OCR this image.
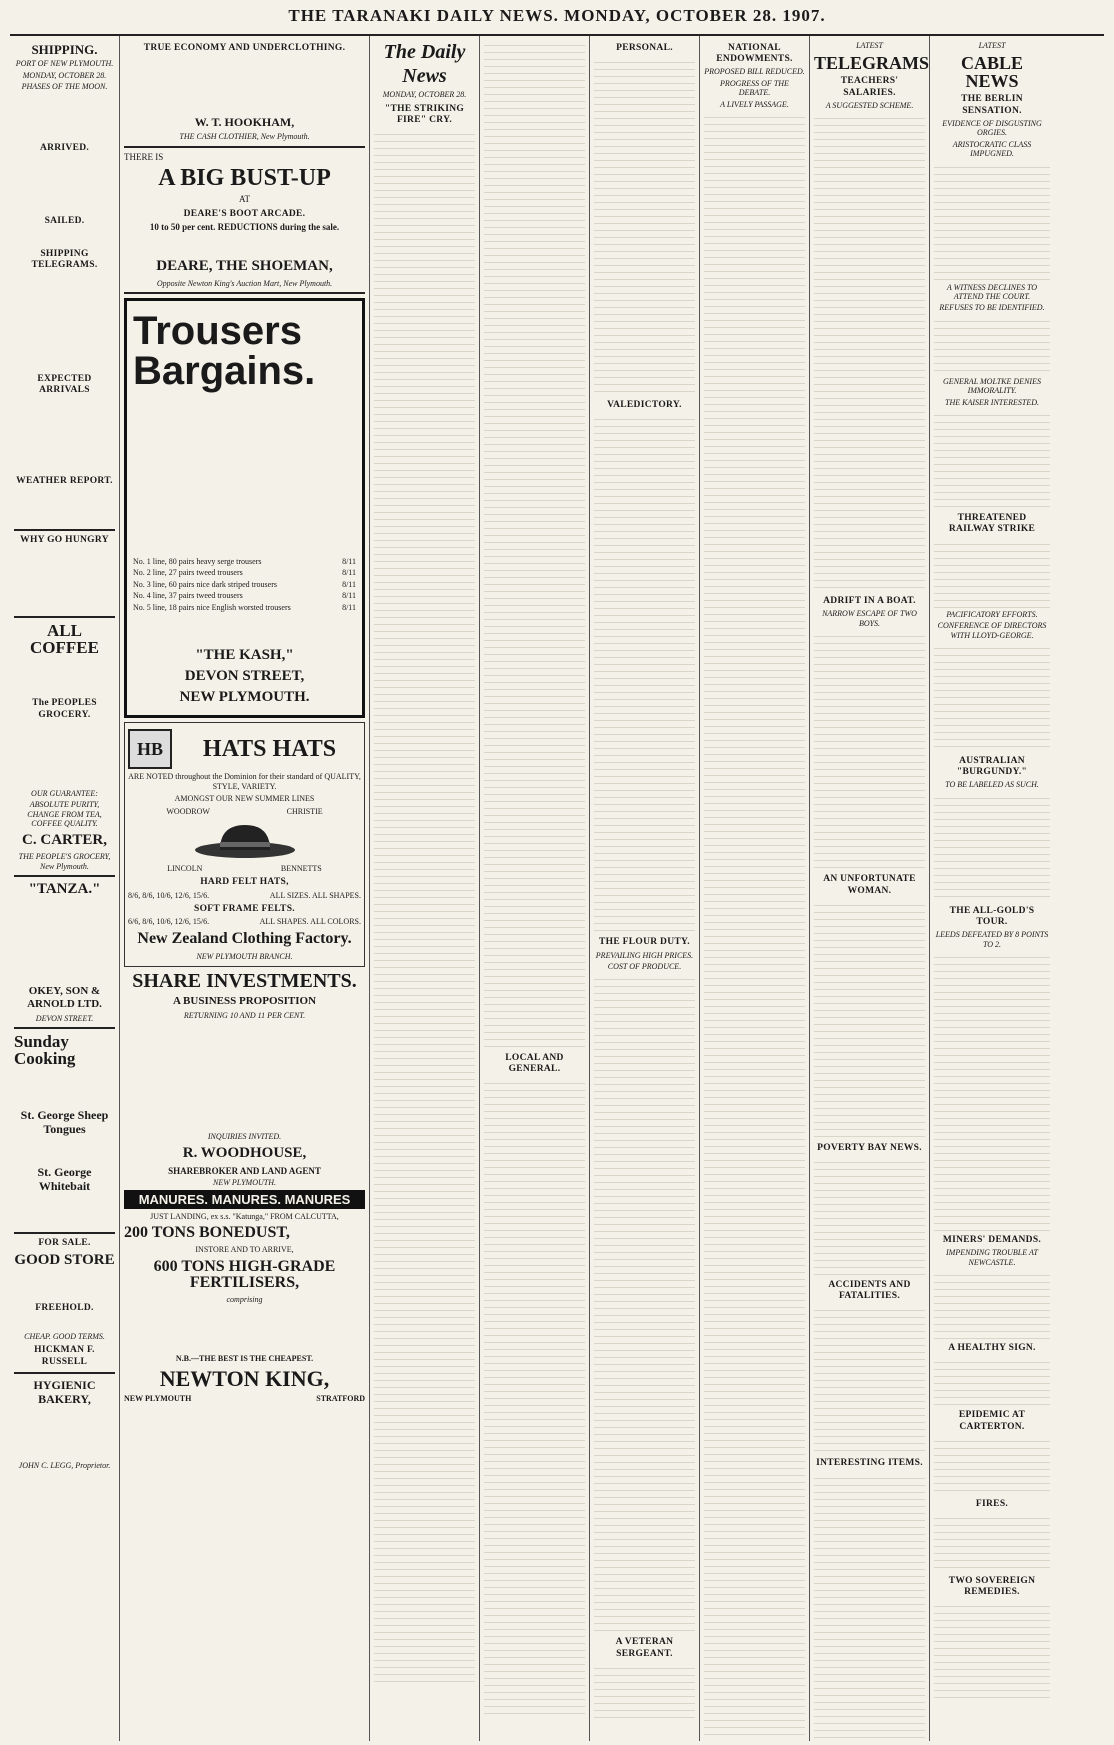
THE TARANAKI DAILY NEWS. MONDAY, OCTOBER 28. 1907.
SHIPPING.
PORT OF NEW PLYMOUTH.
MONDAY, OCTOBER 28.
PHASES OF THE MOON.

ARRIVED.
SAILED.
SHIPPING TELEGRAMS.
EXPECTED ARRIVALS
WEATHER REPORT.
WHY GO HUNGRY
ALL COFFEE
The PEOPLES GROCERY.
OUR GUARANTEE:
ABSOLUTE PURITY, CHANGE FROM TEA, COFFEE QUALITY.
C. CARTER,
THE PEOPLE'S GROCERY, New Plymouth.
"TANZA."
OKEY, SON & ARNOLD LTD.
DEVON STREET.
Sunday Cooking
St. George Sheep Tongues
St. George Whitebait
FOR SALE.
GOOD STORE
FREEHOLD.
CHEAP. GOOD TERMS.
HICKMAN F. RUSSELL
HYGIENIC BAKERY,
JOHN C. LEGG, Proprietor.
TRUE ECONOMY AND UNDERCLOTHING.
W. T. HOOKHAM,
THE CASH CLOTHIER, New Plymouth.
THERE IS
A BIG BUST-UP
AT
DEARE'S BOOT ARCADE.
10 to 50 per cent. REDUCTIONS during the sale.
DEARE, THE SHOEMAN,
Opposite Newton King's Auction Mart, New Plymouth.
Trousers Bargains.
No. 1 line, 80 pairs heavy serge trousers	8/11
No. 2 line, 27 pairs tweed trousers	8/11
No. 3 line, 60 pairs nice dark striped trousers	8/11
No. 4 line, 37 pairs tweed trousers	8/11
No. 5 line, 18 pairs nice English worsted trousers	8/11
"THE KASH,"
DEVON STREET,
NEW PLYMOUTH.
HB	HATS HATS
ARE NOTED throughout the Dominion for their standard of QUALITY, STYLE, VARIETY.
AMONGST OUR NEW SUMMER LINES
WOODROW	CHRISTIE
LINCOLN	BENNETTS
HARD FELT HATS,
8/6, 8/6, 10/6, 12/6, 15/6.	ALL SIZES. ALL SHAPES.
SOFT FRAME FELTS.
6/6, 8/6, 10/6, 12/6, 15/6.	ALL SHAPES. ALL COLORS.
New Zealand Clothing Factory.
NEW PLYMOUTH BRANCH.
SHARE INVESTMENTS.
A BUSINESS PROPOSITION
RETURNING 10 AND 11 PER CENT.
INQUIRIES INVITED.
R. WOODHOUSE,
SHAREBROKER AND LAND AGENT
NEW PLYMOUTH.
MANURES. MANURES. MANURES
JUST LANDING, ex s.s. "Katunga," FROM CALCUTTA,
200 TONS BONEDUST,
INSTORE AND TO ARRIVE,
600 TONS HIGH-GRADE FERTILISERS,
comprising
N.B.—THE BEST IS THE CHEAPEST.
NEWTON KING,
NEW PLYMOUTH	STRATFORD
The Daily News
MONDAY, OCTOBER 28.
"THE STRIKING FIRE" CRY.
LOCAL AND GENERAL.
PERSONAL.
VALEDICTORY.
THE FLOUR DUTY.
PREVAILING HIGH PRICES.
COST OF PRODUCE.
A VETERAN SERGEANT.
NATIONAL ENDOWMENTS.
PROPOSED BILL REDUCED.
PROGRESS OF THE DEBATE.
A LIVELY PASSAGE.
LATEST
TELEGRAMS
TEACHERS' SALARIES.
A SUGGESTED SCHEME.
ADRIFT IN A BOAT.
NARROW ESCAPE OF TWO BOYS.
AN UNFORTUNATE WOMAN.
POVERTY BAY NEWS.
ACCIDENTS AND FATALITIES.
INTERESTING ITEMS.
LATEST
CABLE NEWS
THE BERLIN SENSATION.
EVIDENCE OF DISGUSTING ORGIES.
ARISTOCRATIC CLASS IMPUGNED.
A WITNESS DECLINES TO ATTEND THE COURT.
REFUSES TO BE IDENTIFIED.
GENERAL MOLTKE DENIES IMMORALITY.
THE KAISER INTERESTED.
THREATENED RAILWAY STRIKE
PACIFICATORY EFFORTS.
CONFERENCE OF DIRECTORS WITH LLOYD-GEORGE.
AUSTRALIAN "BURGUNDY."
TO BE LABELED AS SUCH.
THE ALL-GOLD'S TOUR.
LEEDS DEFEATED BY 8 POINTS TO 2.
MINERS' DEMANDS.
IMPENDING TROUBLE AT NEWCASTLE.
A HEALTHY SIGN.
EPIDEMIC AT CARTERTON.
FIRES.
TWO SOVEREIGN REMEDIES.
